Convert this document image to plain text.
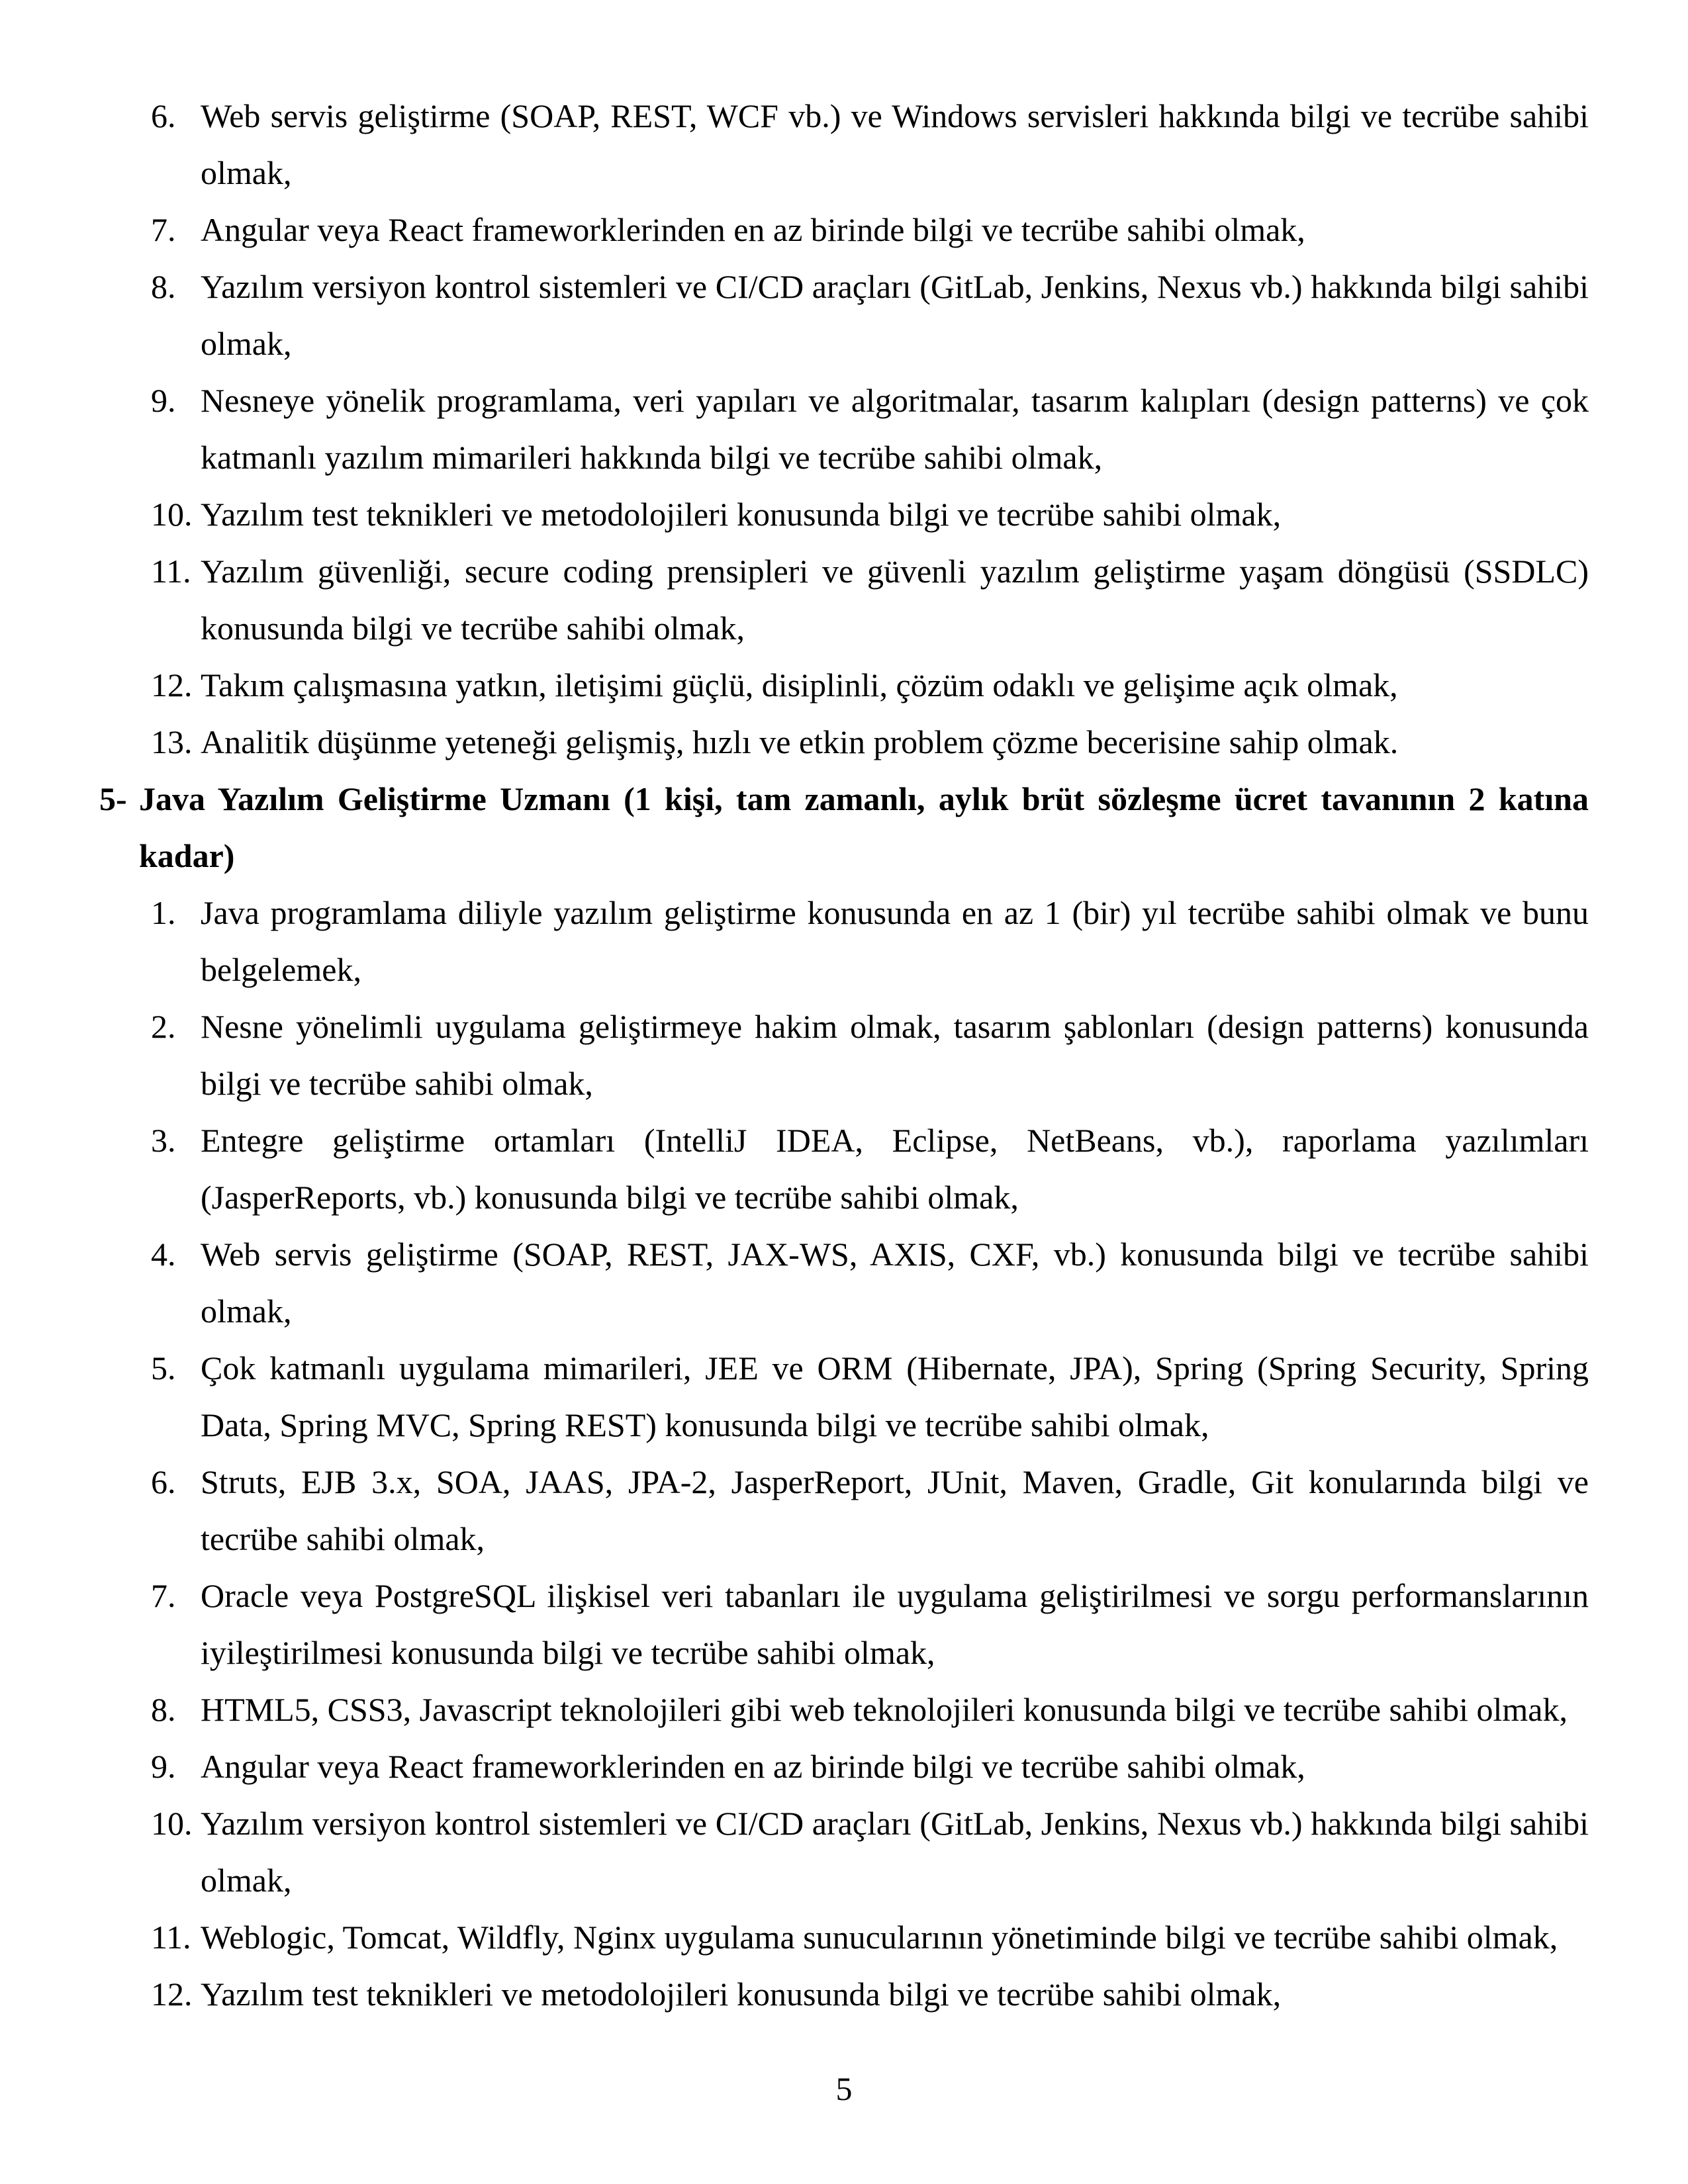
6. Web servis geliştirme (SOAP, REST, WCF vb.) ve Windows servisleri hakkında bilgi ve tecrübe sahibi olmak,
7. Angular veya React frameworklerinden en az birinde bilgi ve tecrübe sahibi olmak,
8. Yazılım versiyon kontrol sistemleri ve CI/CD araçları (GitLab, Jenkins, Nexus vb.) hakkında bilgi sahibi olmak,
9. Nesneye yönelik programlama, veri yapıları ve algoritmalar, tasarım kalıpları (design patterns) ve çok katmanlı yazılım mimarileri hakkında bilgi ve tecrübe sahibi olmak,
10. Yazılım test teknikleri ve metodolojileri konusunda bilgi ve tecrübe sahibi olmak,
11. Yazılım güvenliği, secure coding prensipleri ve güvenli yazılım geliştirme yaşam döngüsü (SSDLC) konusunda bilgi ve tecrübe sahibi olmak,
12. Takım çalışmasına yatkın, iletişimi güçlü, disiplinli, çözüm odaklı ve gelişime açık olmak,
13. Analitik düşünme yeteneği gelişmiş, hızlı ve etkin problem çözme becerisine sahip olmak.
5- Java Yazılım Geliştirme Uzmanı (1 kişi, tam zamanlı, aylık brüt sözleşme ücret tavanının 2 katına kadar)
1. Java programlama diliyle yazılım geliştirme konusunda en az 1 (bir) yıl tecrübe sahibi olmak ve bunu belgelemek,
2. Nesne yönelimli uygulama geliştirmeye hakim olmak, tasarım şablonları (design patterns) konusunda bilgi ve tecrübe sahibi olmak,
3. Entegre geliştirme ortamları (IntelliJ IDEA, Eclipse, NetBeans, vb.), raporlama yazılımları (JasperReports, vb.) konusunda bilgi ve tecrübe sahibi olmak,
4. Web servis geliştirme (SOAP, REST, JAX-WS, AXIS, CXF, vb.) konusunda bilgi ve tecrübe sahibi olmak,
5. Çok katmanlı uygulama mimarileri, JEE ve ORM (Hibernate, JPA), Spring (Spring Security, Spring Data, Spring MVC, Spring REST) konusunda bilgi ve tecrübe sahibi olmak,
6. Struts, EJB 3.x, SOA, JAAS, JPA-2, JasperReport, JUnit, Maven, Gradle, Git konularında bilgi ve tecrübe sahibi olmak,
7. Oracle veya PostgreSQL ilişkisel veri tabanları ile uygulama geliştirilmesi ve sorgu performanslarının iyileştirilmesi konusunda bilgi ve tecrübe sahibi olmak,
8. HTML5, CSS3, Javascript teknolojileri gibi web teknolojileri konusunda bilgi ve tecrübe sahibi olmak,
9. Angular veya React frameworklerinden en az birinde bilgi ve tecrübe sahibi olmak,
10. Yazılım versiyon kontrol sistemleri ve CI/CD araçları (GitLab, Jenkins, Nexus vb.) hakkında bilgi sahibi olmak,
11. Weblogic, Tomcat, Wildfly, Nginx uygulama sunucularının yönetiminde bilgi ve tecrübe sahibi olmak,
12. Yazılım test teknikleri ve metodolojileri konusunda bilgi ve tecrübe sahibi olmak,
5
